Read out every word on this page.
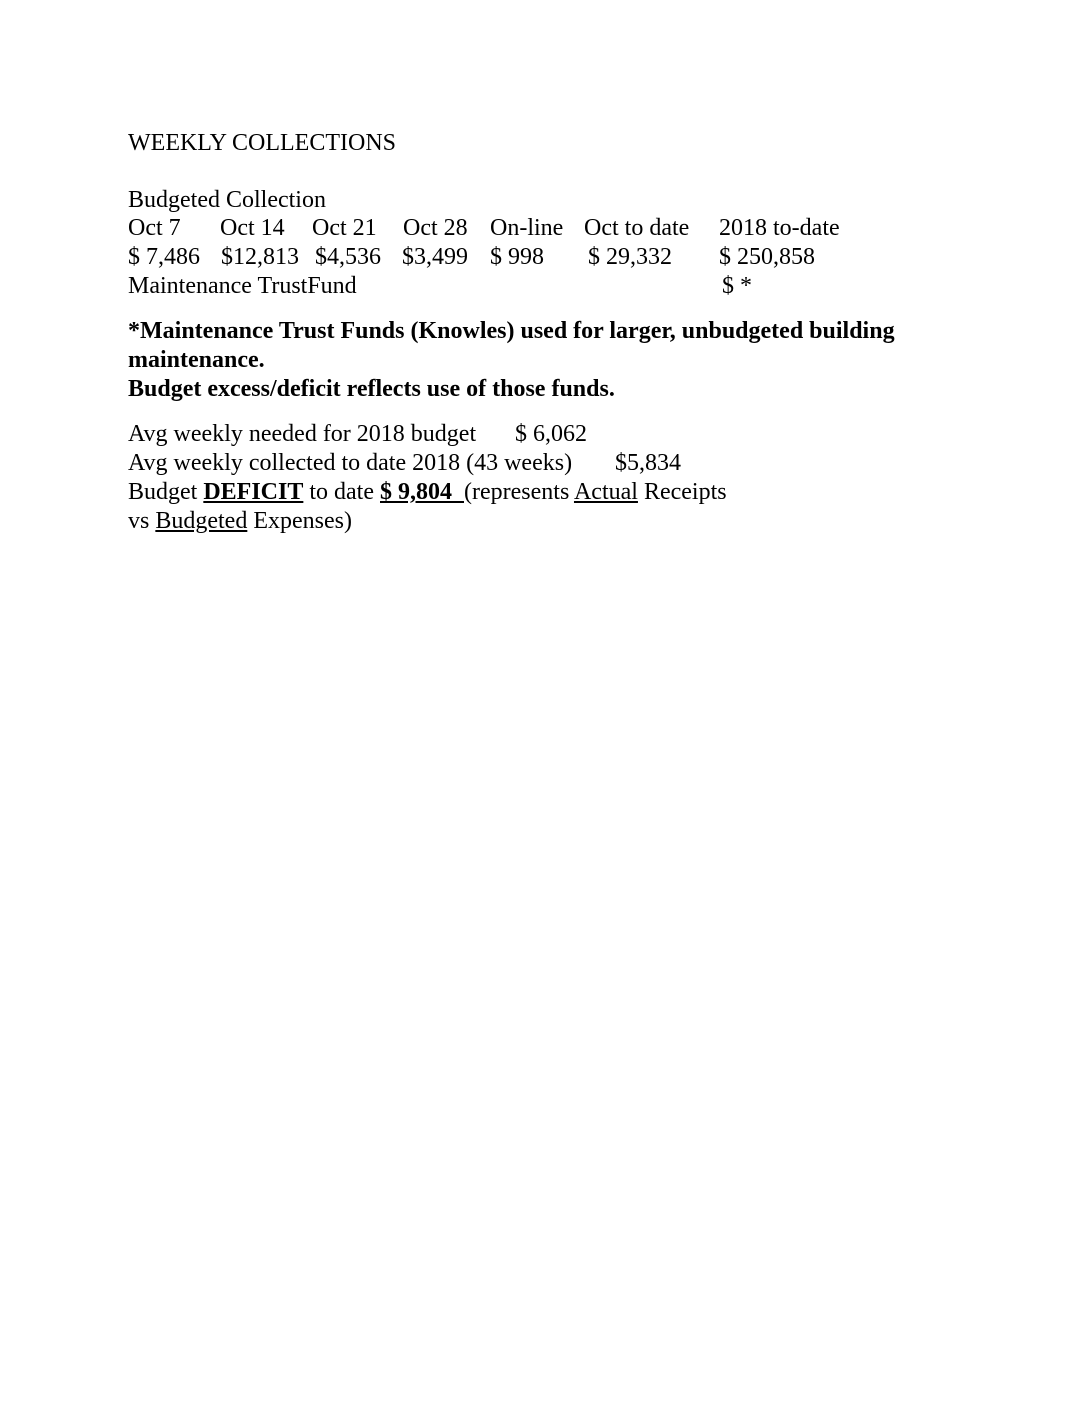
WEEKLY COLLECTIONS
Budgeted Collection
Oct 7 Oct 14 Oct 21 Oct 28 On-line Oct to date 2018 to-date
$ 7,486 $12,813 $4,536 $3,499 $ 998 $ 29,332 $ 250,858
Maintenance TrustFund	$ *
*Maintenance Trust Funds (Knowles) used for larger, unbudgeted building
maintenance.
Budget excess/deficit reflects use of those funds.
Avg weekly needed for 2018 budget $ 6,062
Avg weekly collected to date 2018 (43 weeks) $5,834
Budget DEFICIT to date $ 9,804  (represents Actual Receipts
vs Budgeted Expenses)
